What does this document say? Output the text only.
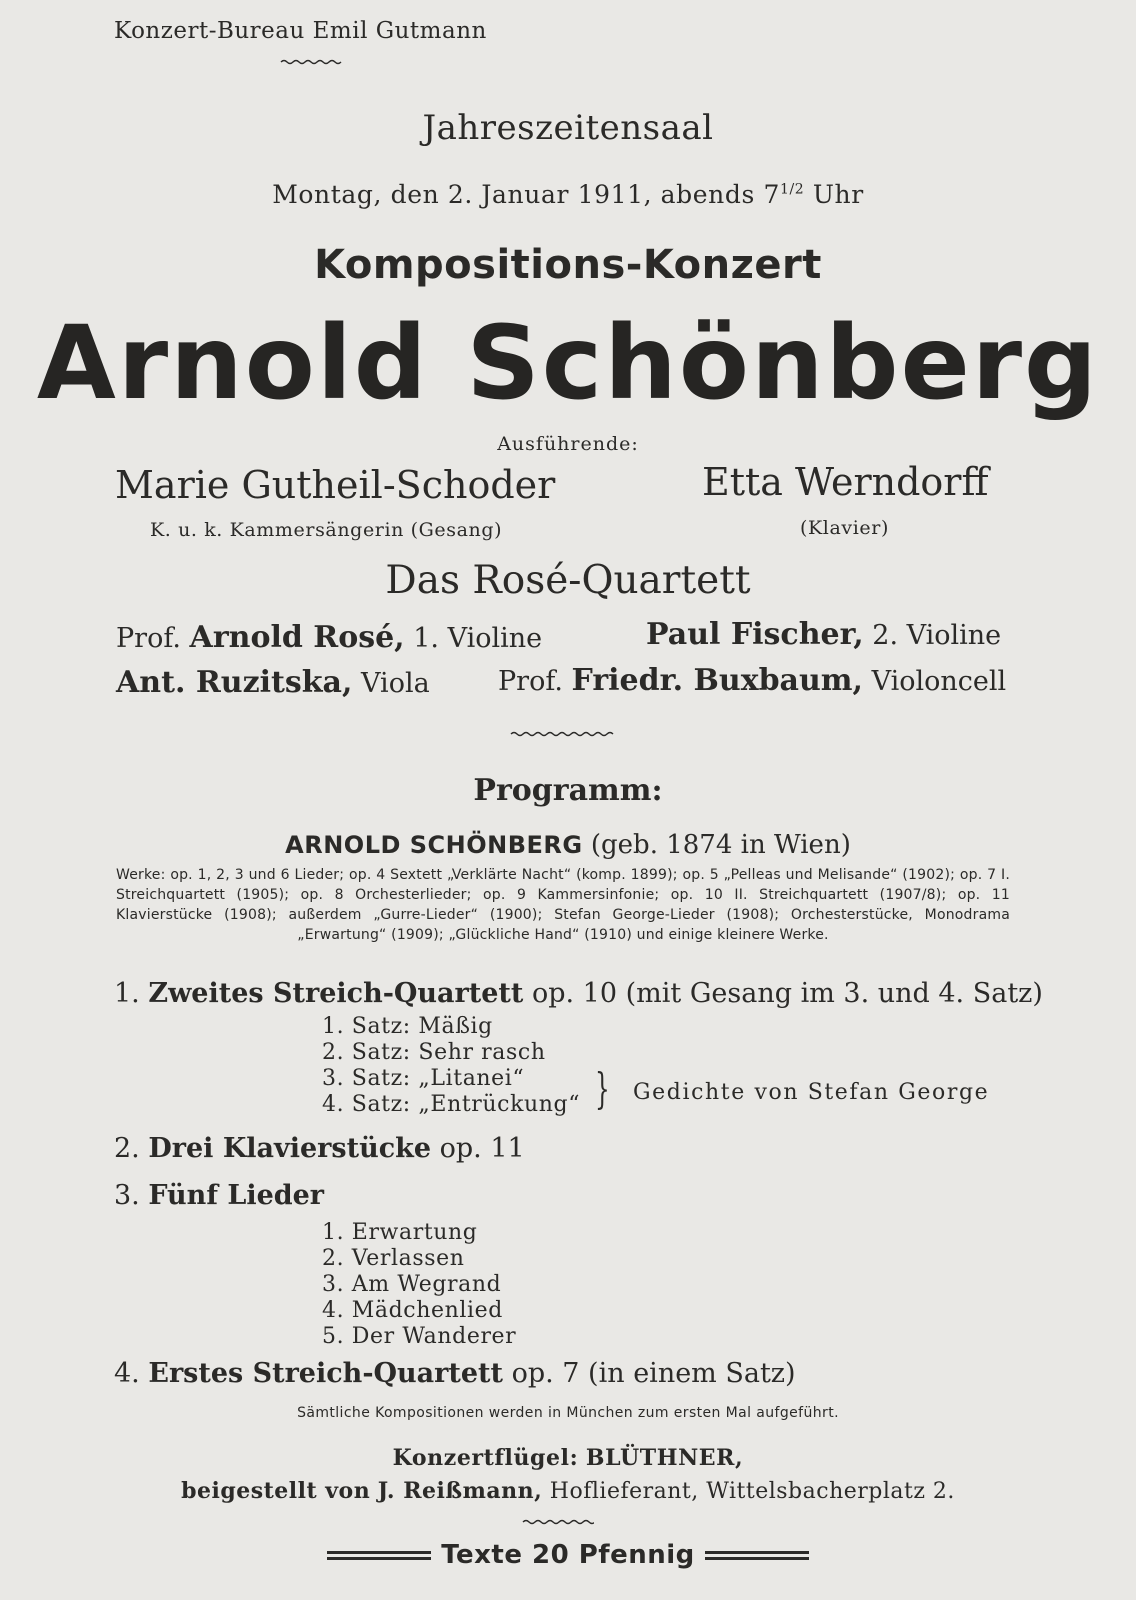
Konzert-Bureau Emil Gutmann
Jahreszeitensaal
Montag, den 2. Januar 1911, abends $7^{1/2}$ Uhr
Kompositions-Konzert
Arnold Schönberg
Ausführende:
Marie Gutheil-Schoder
K. u. k. Kammersängerin (Gesang)
Etta Werndorff
(Klavier)
Das Rosé-Quartett
Prof. Arnold Rosé, 1. Violine	Paul Fischer, 2. Violine
Ant. Ruzitska, Viola	Prof. Friedr. Buxbaum, Violoncell
Programm:
ARNOLD SCHÖNBERG (geb. 1874 in Wien)
Werke: op. 1, 2, 3 und 6 Lieder; op. 4 Sextett „Verklärte Nacht“ (komp. 1899); op. 5 „Pelleas und Melisande“ (1902); op. 7 I. Streichquartett (1905); op. 8 Orchesterlieder; op. 9 Kammersinfonie; op. 10 II. Streichquartett (1907/8); op. 11 Klavierstücke (1908); außerdem „Gurre-Lieder“ (1900); Stefan George-Lieder (1908); Orchesterstücke, Monodrama „Erwartung“ (1909); „Glückliche Hand“ (1910) und einige kleinere Werke.
1. Zweites Streich-Quartett op. 10 (mit Gesang im 3. und 4. Satz)
1. Satz: Mäßig
2. Satz: Sehr rasch
3. Satz: „Litanei“
4. Satz: „Entrückung“ } Gedichte von Stefan George
2. Drei Klavierstücke op. 11
3. Fünf Lieder
1. Erwartung
2. Verlassen
3. Am Wegrand
4. Mädchenlied
5. Der Wanderer
4. Erstes Streich-Quartett op. 7 (in einem Satz)
Sämtliche Kompositionen werden in München zum ersten Mal aufgeführt.
Konzertflügel: BLÜTHNER,
beigestellt von J. Reißmann, Hoflieferant, Wittelsbacherplatz 2.
Texte 20 Pfennig
